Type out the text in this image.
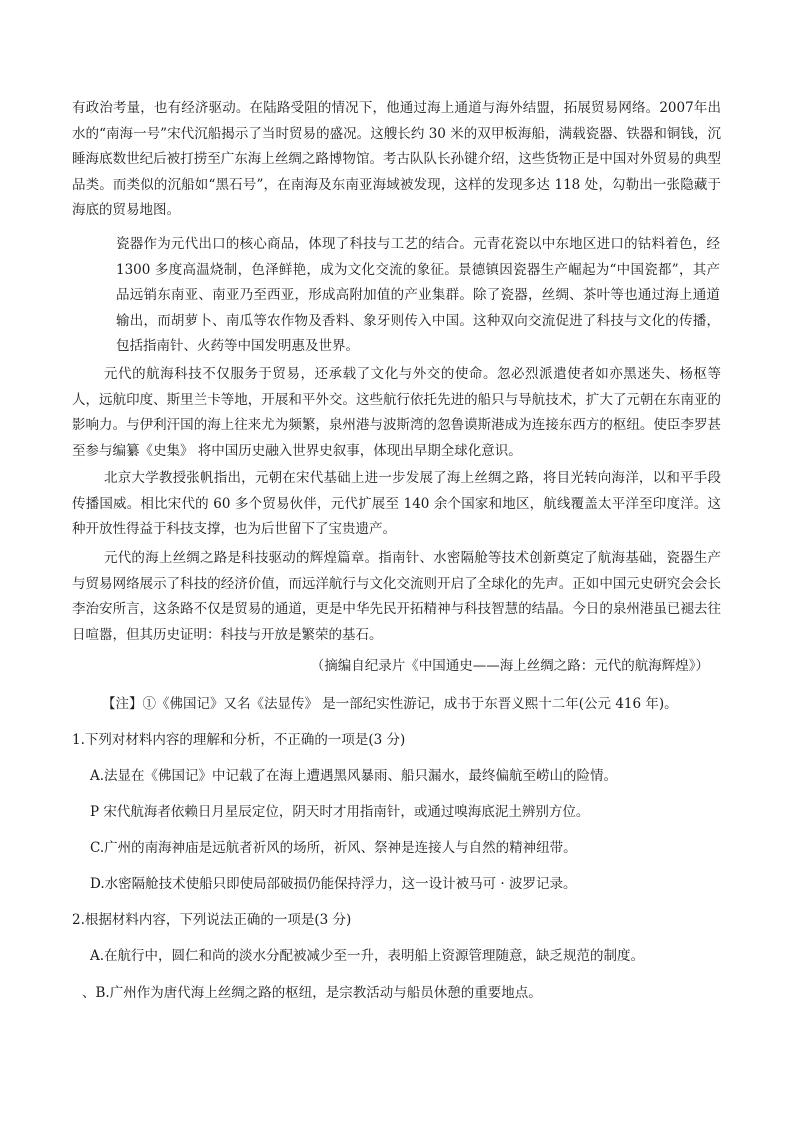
有政治考量，也有经济驱动。在陆路受阻的情况下，他通过海上通道与海外结盟，拓展贸易网络。2007年出水的“南海一号”宋代沉船揭示了当时贸易的盛况。这艘长约 30 米的双甲板海船，满载瓷器、铁器和铜钱，沉睡海底数世纪后被打捞至广东海上丝绸之路博物馆。考古队队长孙键介绍，这些货物正是中国对外贸易的典型品类。而类似的沉船如“黑石号”，在南海及东南亚海域被发现，这样的发现多达 118 处，勾勒出一张隐藏于海底的贸易地图。

瓷器作为元代出口的核心商品，体现了科技与工艺的结合。元青花瓷以中东地区进口的钴料着色，经 1300 多度高温烧制，色泽鲜艳，成为文化交流的象征。景德镇因瓷器生产崛起为“中国瓷都”，其产品远销东南亚、南亚乃至西亚，形成高附加值的产业集群。除了瓷器，丝绸、茶叶等也通过海上通道输出，而胡萝卜、南瓜等农作物及香料、象牙则传入中国。这种双向交流促进了科技与文化的传播，包括指南针、火药等中国发明惠及世界。

元代的航海科技不仅服务于贸易，还承载了文化与外交的使命。忽必烈派遣使者如亦黑迷失、杨枢等人，远航印度、斯里兰卡等地，开展和平外交。这些航行依托先进的船只与导航技术，扩大了元朝在东南亚的影响力。与伊利汗国的海上往来尤为频繁，泉州港与波斯湾的忽鲁谟斯港成为连接东西方的枢纽。使臣李罗甚至参与编纂《史集》 将中国历史融入世界史叙事，体现出早期全球化意识。

北京大学教授张帆指出，元朝在宋代基础上进一步发展了海上丝绸之路，将目光转向海洋，以和平手段传播国威。相比宋代的 60 多个贸易伙伴，元代扩展至 140 余个国家和地区，航线覆盖太平洋至印度洋。这种开放性得益于科技支撑，也为后世留下了宝贵遗产。

元代的海上丝绸之路是科技驱动的辉煌篇章。指南针、水密隔舱等技术创新奠定了航海基础，瓷器生产与贸易网络展示了科技的经济价值，而远洋航行与文化交流则开启了全球化的先声。正如中国元史研究会会长李治安所言，这条路不仅是贸易的通道，更是中华先民开拓精神与科技智慧的结晶。今日的泉州港虽已褪去往日喧嚣，但其历史证明：科技与开放是繁荣的基石。

（摘编自纪录片《中国通史——海上丝绸之路：元代的航海辉煌》）
【注】①《佛国记》又名《法显传》 是一部纪实性游记，成书于东晋义熙十二年(公元 416 年)。
1.下列对材料内容的理解和分析，不正确的一项是(3 分)
A.法显在《佛国记》中记载了在海上遭遇黑风暴雨、船只漏水，最终偏航至崂山的险情。
P 宋代航海者依赖日月星辰定位，阴天时才用指南针，或通过嗅海底泥土辨别方位。
C.广州的南海神庙是远航者祈风的场所，祈风、祭神是连接人与自然的精神纽带。
D.水密隔舱技术使船只即使局部破损仍能保持浮力，这一设计被马可 · 波罗记录。
2.根据材料内容，下列说法正确的一项是(3 分)
A.在航行中，圆仁和尚的淡水分配被减少至一升，表明船上资源管理随意，缺乏规范的制度。
、B.广州作为唐代海上丝绸之路的枢纽，是宗教活动与船员休憩的重要地点。
